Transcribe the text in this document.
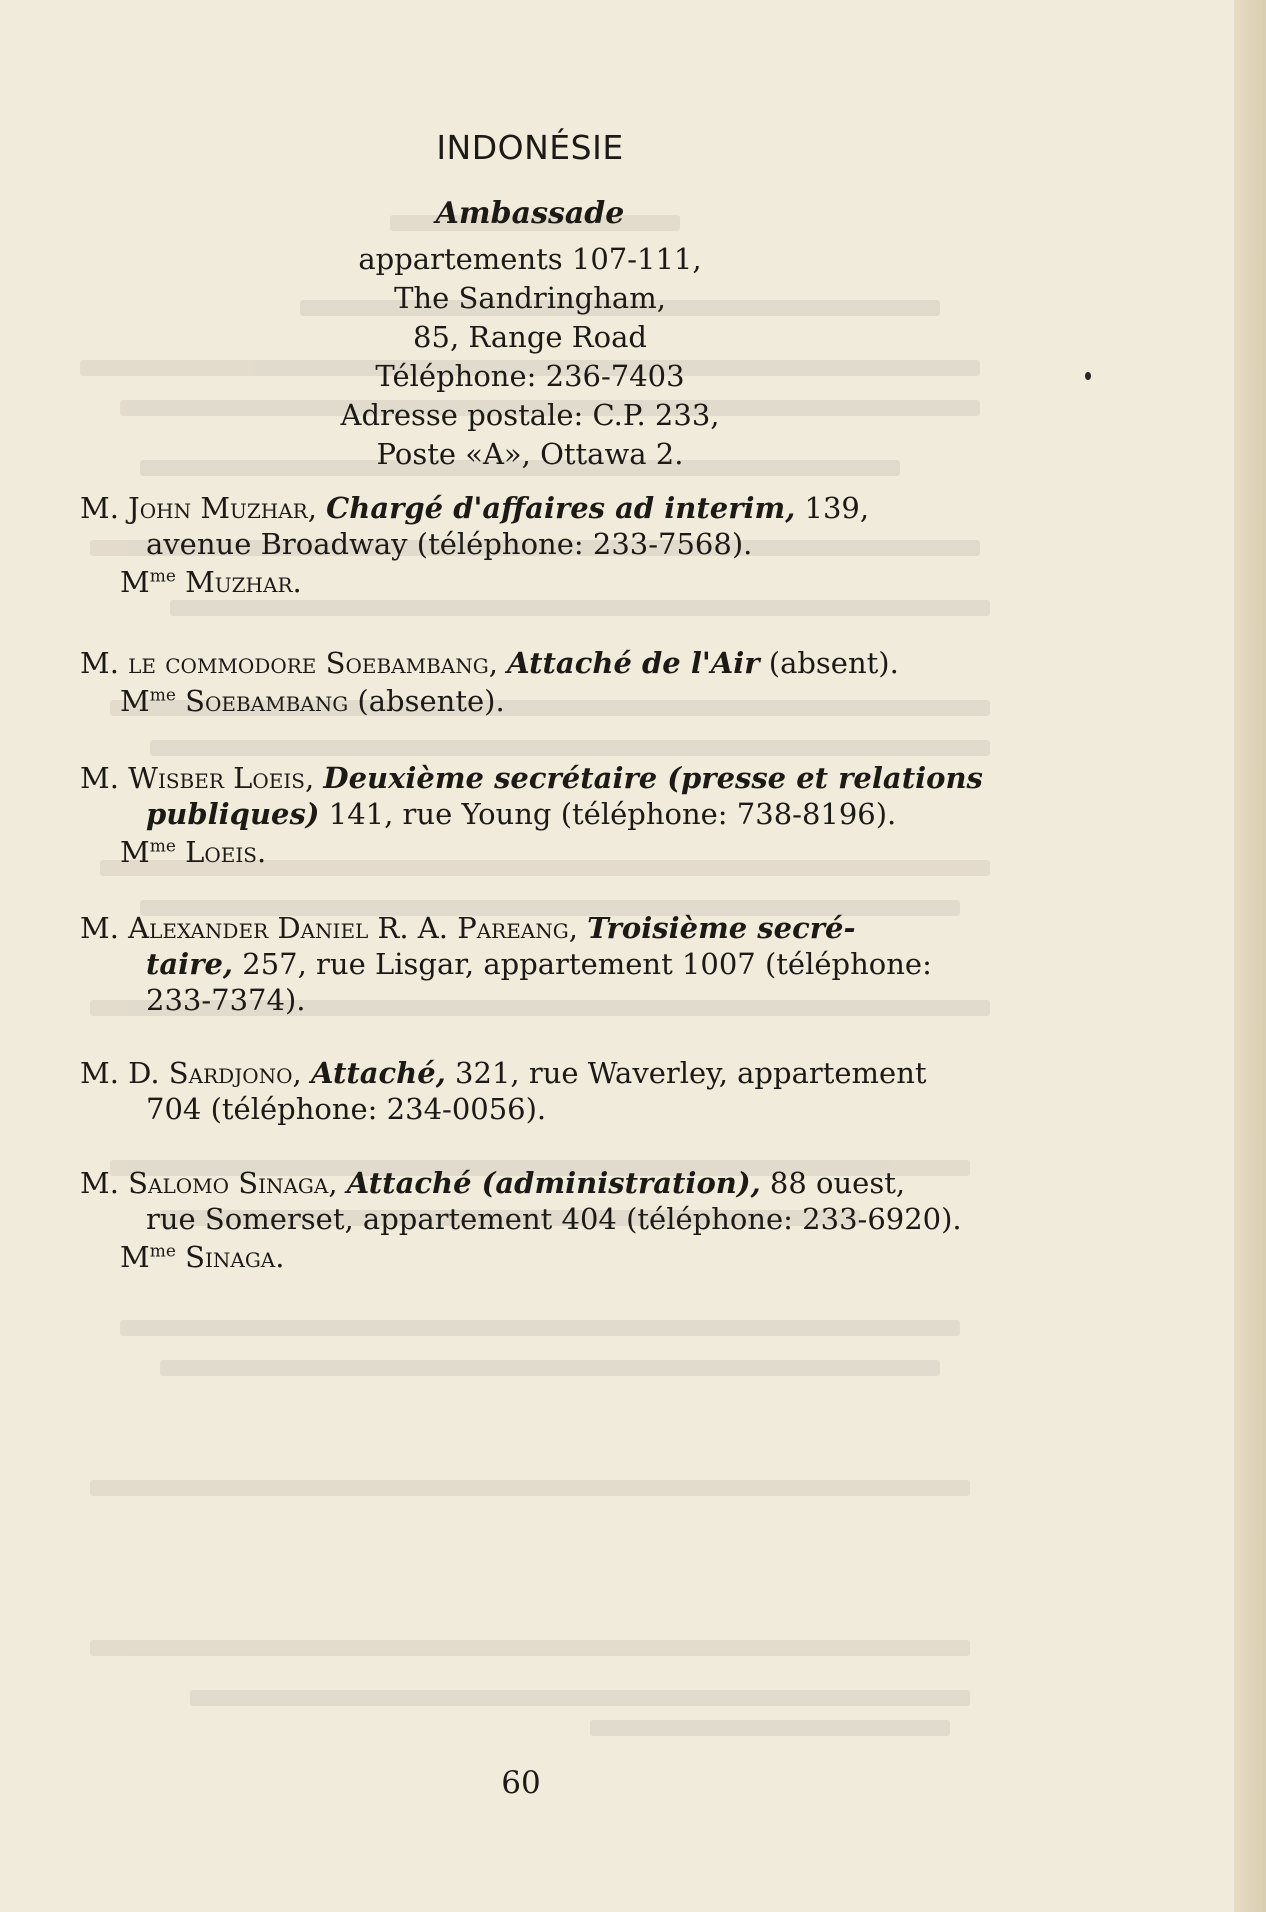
INDONÉSIE
Ambassade
appartements 107-111,
The Sandringham,
85, Range Road
Téléphone: 236-7403
Adresse postale: C.P. 233,
Poste «A», Ottawa 2.
M. John Muzhar, Chargé d'affaires ad interim, 139,
avenue Broadway (téléphone: 233-7568).
$M^{me}$ Muzhar.
M. le commodore Soebambang, Attaché de l'Air (absent).
$M^{me}$ Soebambang (absente).
M. Wisber Loeis, Deuxième secrétaire (presse et relations
publiques) 141, rue Young (téléphone: 738-8196).
$M^{me}$ Loeis.
M. Alexander Daniel R. A. Pareang, Troisième secré-
taire, 257, rue Lisgar, appartement 1007 (téléphone:
233-7374).
M. D. Sardjono, Attaché, 321, rue Waverley, appartement
704 (téléphone: 234-0056).
M. Salomo Sinaga, Attaché (administration), 88 ouest,
rue Somerset, appartement 404 (téléphone: 233-6920).
$M^{me}$ Sinaga.
60
